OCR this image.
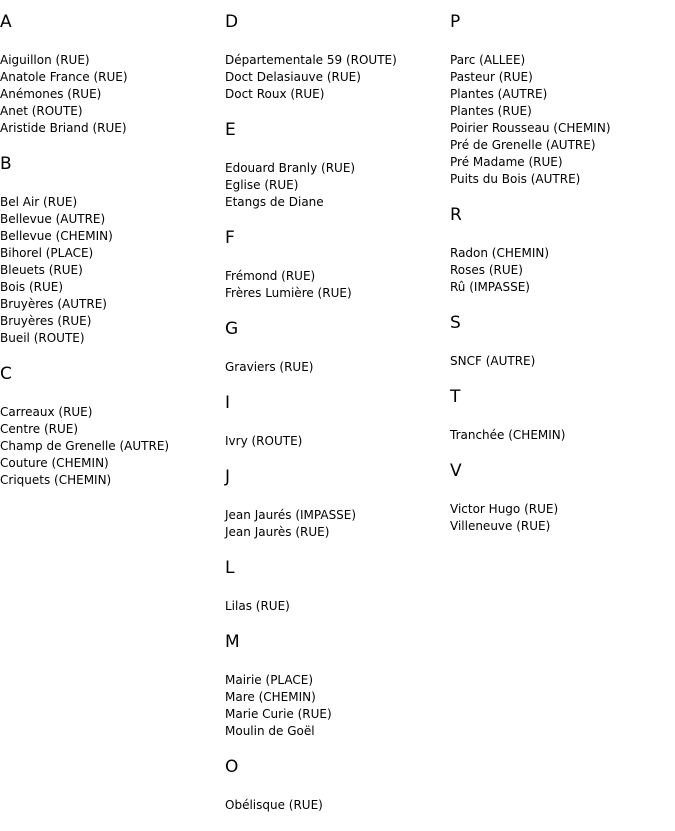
A
Aiguillon (RUE)
Anatole France (RUE)
Anémones (RUE)
Anet (ROUTE)
Aristide Briand (RUE)
B
Bel Air (RUE)
Bellevue (AUTRE)
Bellevue (CHEMIN)
Bihorel (PLACE)
Bleuets (RUE)
Bois (RUE)
Bruyères (AUTRE)
Bruyères (RUE)
Bueil (ROUTE)
C
Carreaux (RUE)
Centre (RUE)
Champ de Grenelle (AUTRE)
Couture (CHEMIN)
Criquets (CHEMIN)
D
Départementale 59 (ROUTE)
Doct Delasiauve (RUE)
Doct Roux (RUE)
E
Edouard Branly (RUE)
Eglise (RUE)
Etangs de Diane
F
Frémond (RUE)
Frères Lumière (RUE)
G
Graviers (RUE)
I
Ivry (ROUTE)
J
Jean Jaurés (IMPASSE)
Jean Jaurès (RUE)
L
Lilas (RUE)
M
Mairie (PLACE)
Mare (CHEMIN)
Marie Curie (RUE)
Moulin de Goël
O
Obélisque (RUE)
P
Parc (ALLEE)
Pasteur (RUE)
Plantes (AUTRE)
Plantes (RUE)
Poirier Rousseau (CHEMIN)
Pré de Grenelle (AUTRE)
Pré Madame (RUE)
Puits du Bois (AUTRE)
R
Radon (CHEMIN)
Roses (RUE)
Rû (IMPASSE)
S
SNCF (AUTRE)
T
Tranchée (CHEMIN)
V
Victor Hugo (RUE)
Villeneuve (RUE)
